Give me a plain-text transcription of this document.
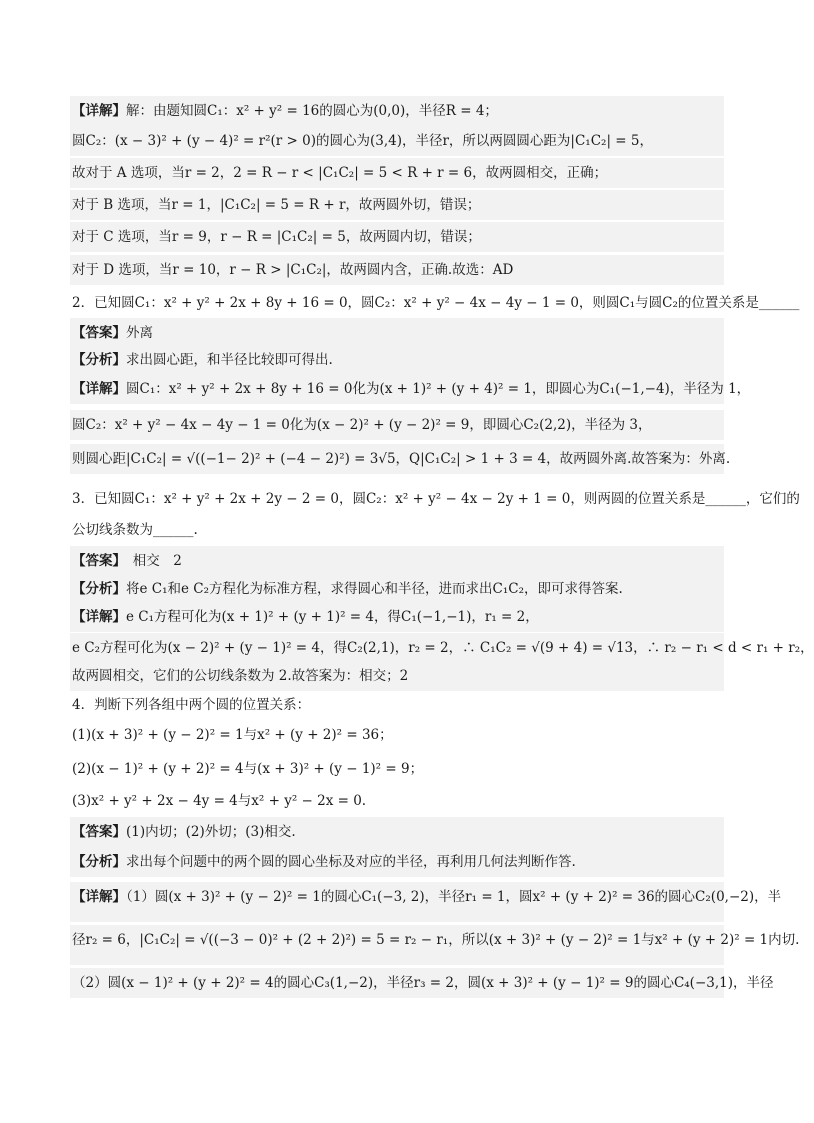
【详解】解：由题知圆C₁：x² + y² = 16的圆心为(0,0)，半径R = 4；
圆C₂：(x − 3)² + (y − 4)² = r²(r > 0)的圆心为(3,4)，半径r，所以两圆圆心距为|C₁C₂| = 5，
故对于 A 选项，当r = 2，2 = R − r < |C₁C₂| = 5 < R + r = 6，故两圆相交，正确；
对于 B 选项，当r = 1，|C₁C₂| = 5 = R + r，故两圆外切，错误；
对于 C 选项，当r = 9，r − R = |C₁C₂| = 5，故两圆内切，错误；
对于 D 选项，当r = 10，r − R > |C₁C₂|，故两圆内含，正确.故选：AD
2．已知圆C₁：x² + y² + 2x + 8y + 16 = 0，圆C₂：x² + y² − 4x − 4y − 1 = 0，则圆C₁与圆C₂的位置关系是______
【答案】外离
【分析】求出圆心距，和半径比较即可得出.
【详解】圆C₁：x² + y² + 2x + 8y + 16 = 0化为(x + 1)² + (y + 4)² = 1，即圆心为C₁(−1,−4)，半径为 1，
圆C₂：x² + y² − 4x − 4y − 1 = 0化为(x − 2)² + (y − 2)² = 9，即圆心C₂(2,2)，半径为 3，
则圆心距|C₁C₂| = √((−1− 2)² + (−4 − 2)²) = 3√5，Q|C₁C₂| > 1 + 3 = 4，故两圆外离.故答案为：外离.
3．已知圆C₁：x² + y² + 2x + 2y − 2 = 0，圆C₂：x² + y² − 4x − 2y + 1 = 0，则两圆的位置关系是______，它们的
公切线条数为______.
【答案】　相交　2
【分析】将e C₁和e C₂方程化为标准方程，求得圆心和半径，进而求出C₁C₂，即可求得答案.
【详解】e C₁方程可化为(x + 1)² + (y + 1)² = 4，得C₁(−1,−1)，r₁ = 2，
e C₂方程可化为(x − 2)² + (y − 1)² = 4，得C₂(2,1)，r₂ = 2，∴ C₁C₂ = √(9 + 4) = √13，∴ r₂ − r₁ < d < r₁ + r₂，
故两圆相交，它们的公切线条数为 2.故答案为：相交；2
4．判断下列各组中两个圆的位置关系：
(1)(x + 3)² + (y − 2)² = 1与x² + (y + 2)² = 36；
(2)(x − 1)² + (y + 2)² = 4与(x + 3)² + (y − 1)² = 9；
(3)x² + y² + 2x − 4y = 4与x² + y² − 2x = 0.
【答案】(1)内切；(2)外切；(3)相交.
【分析】求出每个问题中的两个圆的圆心坐标及对应的半径，再利用几何法判断作答.
【详解】（1）圆(x + 3)² + (y − 2)² = 1的圆心C₁(−3, 2)，半径r₁ = 1，圆x² + (y + 2)² = 36的圆心C₂(0,−2)，半
径r₂ = 6，|C₁C₂| = √((−3 − 0)² + (2 + 2)²) = 5 = r₂ − r₁，所以(x + 3)² + (y − 2)² = 1与x² + (y + 2)² = 1内切.
（2）圆(x − 1)² + (y + 2)² = 4的圆心C₃(1,−2)，半径r₃ = 2，圆(x + 3)² + (y − 1)² = 9的圆心C₄(−3,1)，半径
